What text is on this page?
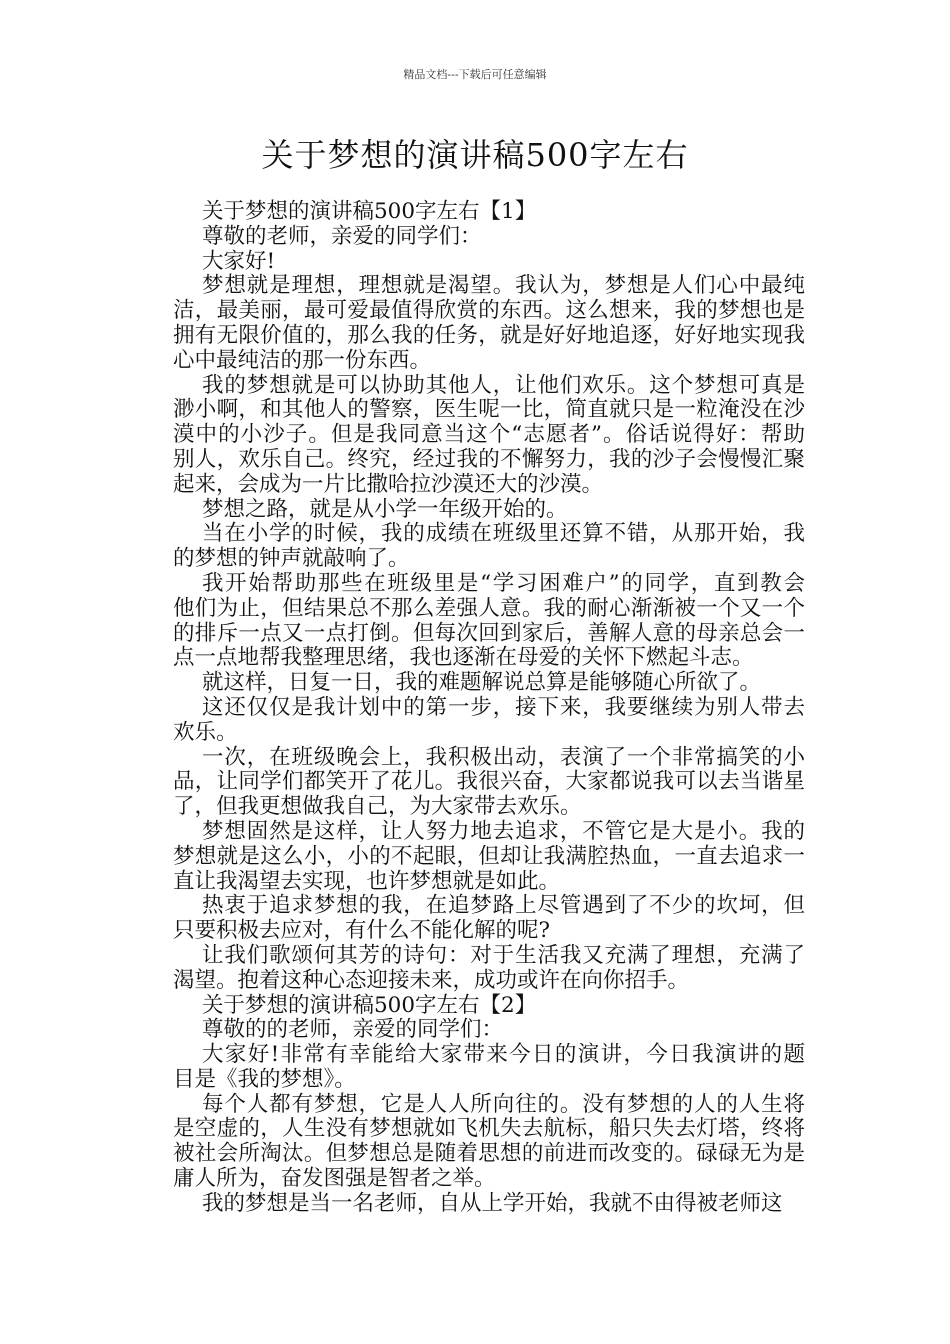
精品文档---下载后可任意编辑
关于梦想的演讲稿500字左右
关于梦想的演讲稿500字左右【1】
尊敬的老师，亲爱的同学们：
大家好!
梦想就是理想，理想就是渴望。我认为，梦想是人们心中最纯
洁，最美丽，最可爱最值得欣赏的东西。这么想来，我的梦想也是
拥有无限价值的，那么我的任务，就是好好地追逐，好好地实现我
心中最纯洁的那一份东西。
我的梦想就是可以协助其他人，让他们欢乐。这个梦想可真是
渺小啊，和其他人的警察，医生呢一比，简直就只是一粒淹没在沙
漠中的小沙子。但是我同意当这个“志愿者”。俗话说得好：帮助
别人，欢乐自己。终究，经过我的不懈努力，我的沙子会慢慢汇聚
起来，会成为一片比撒哈拉沙漠还大的沙漠。
梦想之路，就是从小学一年级开始的。
当在小学的时候，我的成绩在班级里还算不错，从那开始，我
的梦想的钟声就敲响了。
我开始帮助那些在班级里是“学习困难户”的同学，直到教会
他们为止，但结果总不那么差强人意。我的耐心渐渐被一个又一个
的排斥一点又一点打倒。但每次回到家后，善解人意的母亲总会一
点一点地帮我整理思绪，我也逐渐在母爱的关怀下燃起斗志。
就这样，日复一日，我的难题解说总算是能够随心所欲了。
这还仅仅是我计划中的第一步，接下来，我要继续为别人带去
欢乐。
一次，在班级晚会上，我积极出动，表演了一个非常搞笑的小
品，让同学们都笑开了花儿。我很兴奋，大家都说我可以去当谐星
了，但我更想做我自己，为大家带去欢乐。
梦想固然是这样，让人努力地去追求，不管它是大是小。我的
梦想就是这么小，小的不起眼，但却让我满腔热血，一直去追求一
直让我渴望去实现，也许梦想就是如此。
热衷于追求梦想的我，在追梦路上尽管遇到了不少的坎坷，但
只要积极去应对，有什么不能化解的呢?
让我们歌颂何其芳的诗句：对于生活我又充满了理想，充满了
渴望。抱着这种心态迎接未来，成功或许在向你招手。
关于梦想的演讲稿500字左右【2】
尊敬的的老师，亲爱的同学们：
大家好!非常有幸能给大家带来今日的演讲，今日我演讲的题
目是《我的梦想》。
每个人都有梦想，它是人人所向往的。没有梦想的人的人生将
是空虚的，人生没有梦想就如飞机失去航标，船只失去灯塔，终将
被社会所淘汰。但梦想总是随着思想的前进而改变的。碌碌无为是
庸人所为，奋发图强是智者之举。
我的梦想是当一名老师，自从上学开始，我就不由得被老师这
